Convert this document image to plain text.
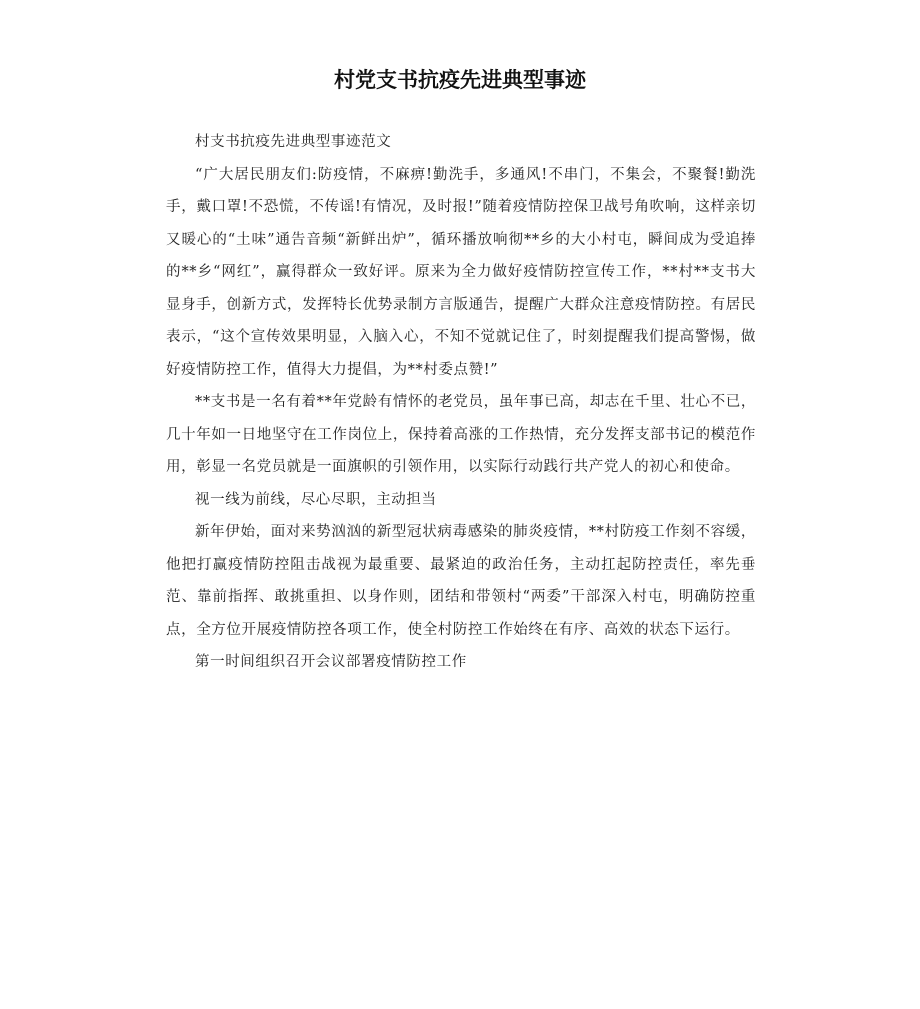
村党支书抗疫先进典型事迹

村支书抗疫先进典型事迹范文

“广大居民朋友们:防疫情，不麻痹!勤洗手，多通风!不串门，不集会，不聚餐!勤洗手，戴口罩!不恐慌，不传谣!有情况，及时报!”随着疫情防控保卫战号角吹响，这样亲切又暖心的“土味”通告音频“新鲜出炉”，循环播放响彻**乡的大小村屯，瞬间成为受追捧的**乡“网红”，赢得群众一致好评。原来为全力做好疫情防控宣传工作，**村**支书大显身手，创新方式，发挥特长优势录制方言版通告，提醒广大群众注意疫情防控。有居民表示，“这个宣传效果明显，入脑入心，不知不觉就记住了，时刻提醒我们提高警惕，做好疫情防控工作，值得大力提倡，为**村委点赞!”

**支书是一名有着**年党龄有情怀的老党员，虽年事已高，却志在千里、壮心不已，几十年如一日地坚守在工作岗位上，保持着高涨的工作热情，充分发挥支部书记的模范作用，彰显一名党员就是一面旗帜的引领作用，以实际行动践行共产党人的初心和使命。

视一线为前线，尽心尽职，主动担当

新年伊始，面对来势汹汹的新型冠状病毒感染的肺炎疫情，**村防疫工作刻不容缓，他把打赢疫情防控阻击战视为最重要、最紧迫的政治任务，主动扛起防控责任，率先垂范、靠前指挥、敢挑重担、以身作则，团结和带领村“两委”干部深入村屯，明确防控重点，全方位开展疫情防控各项工作，使全村防控工作始终在有序、高效的状态下运行。

第一时间组织召开会议部署疫情防控工作
